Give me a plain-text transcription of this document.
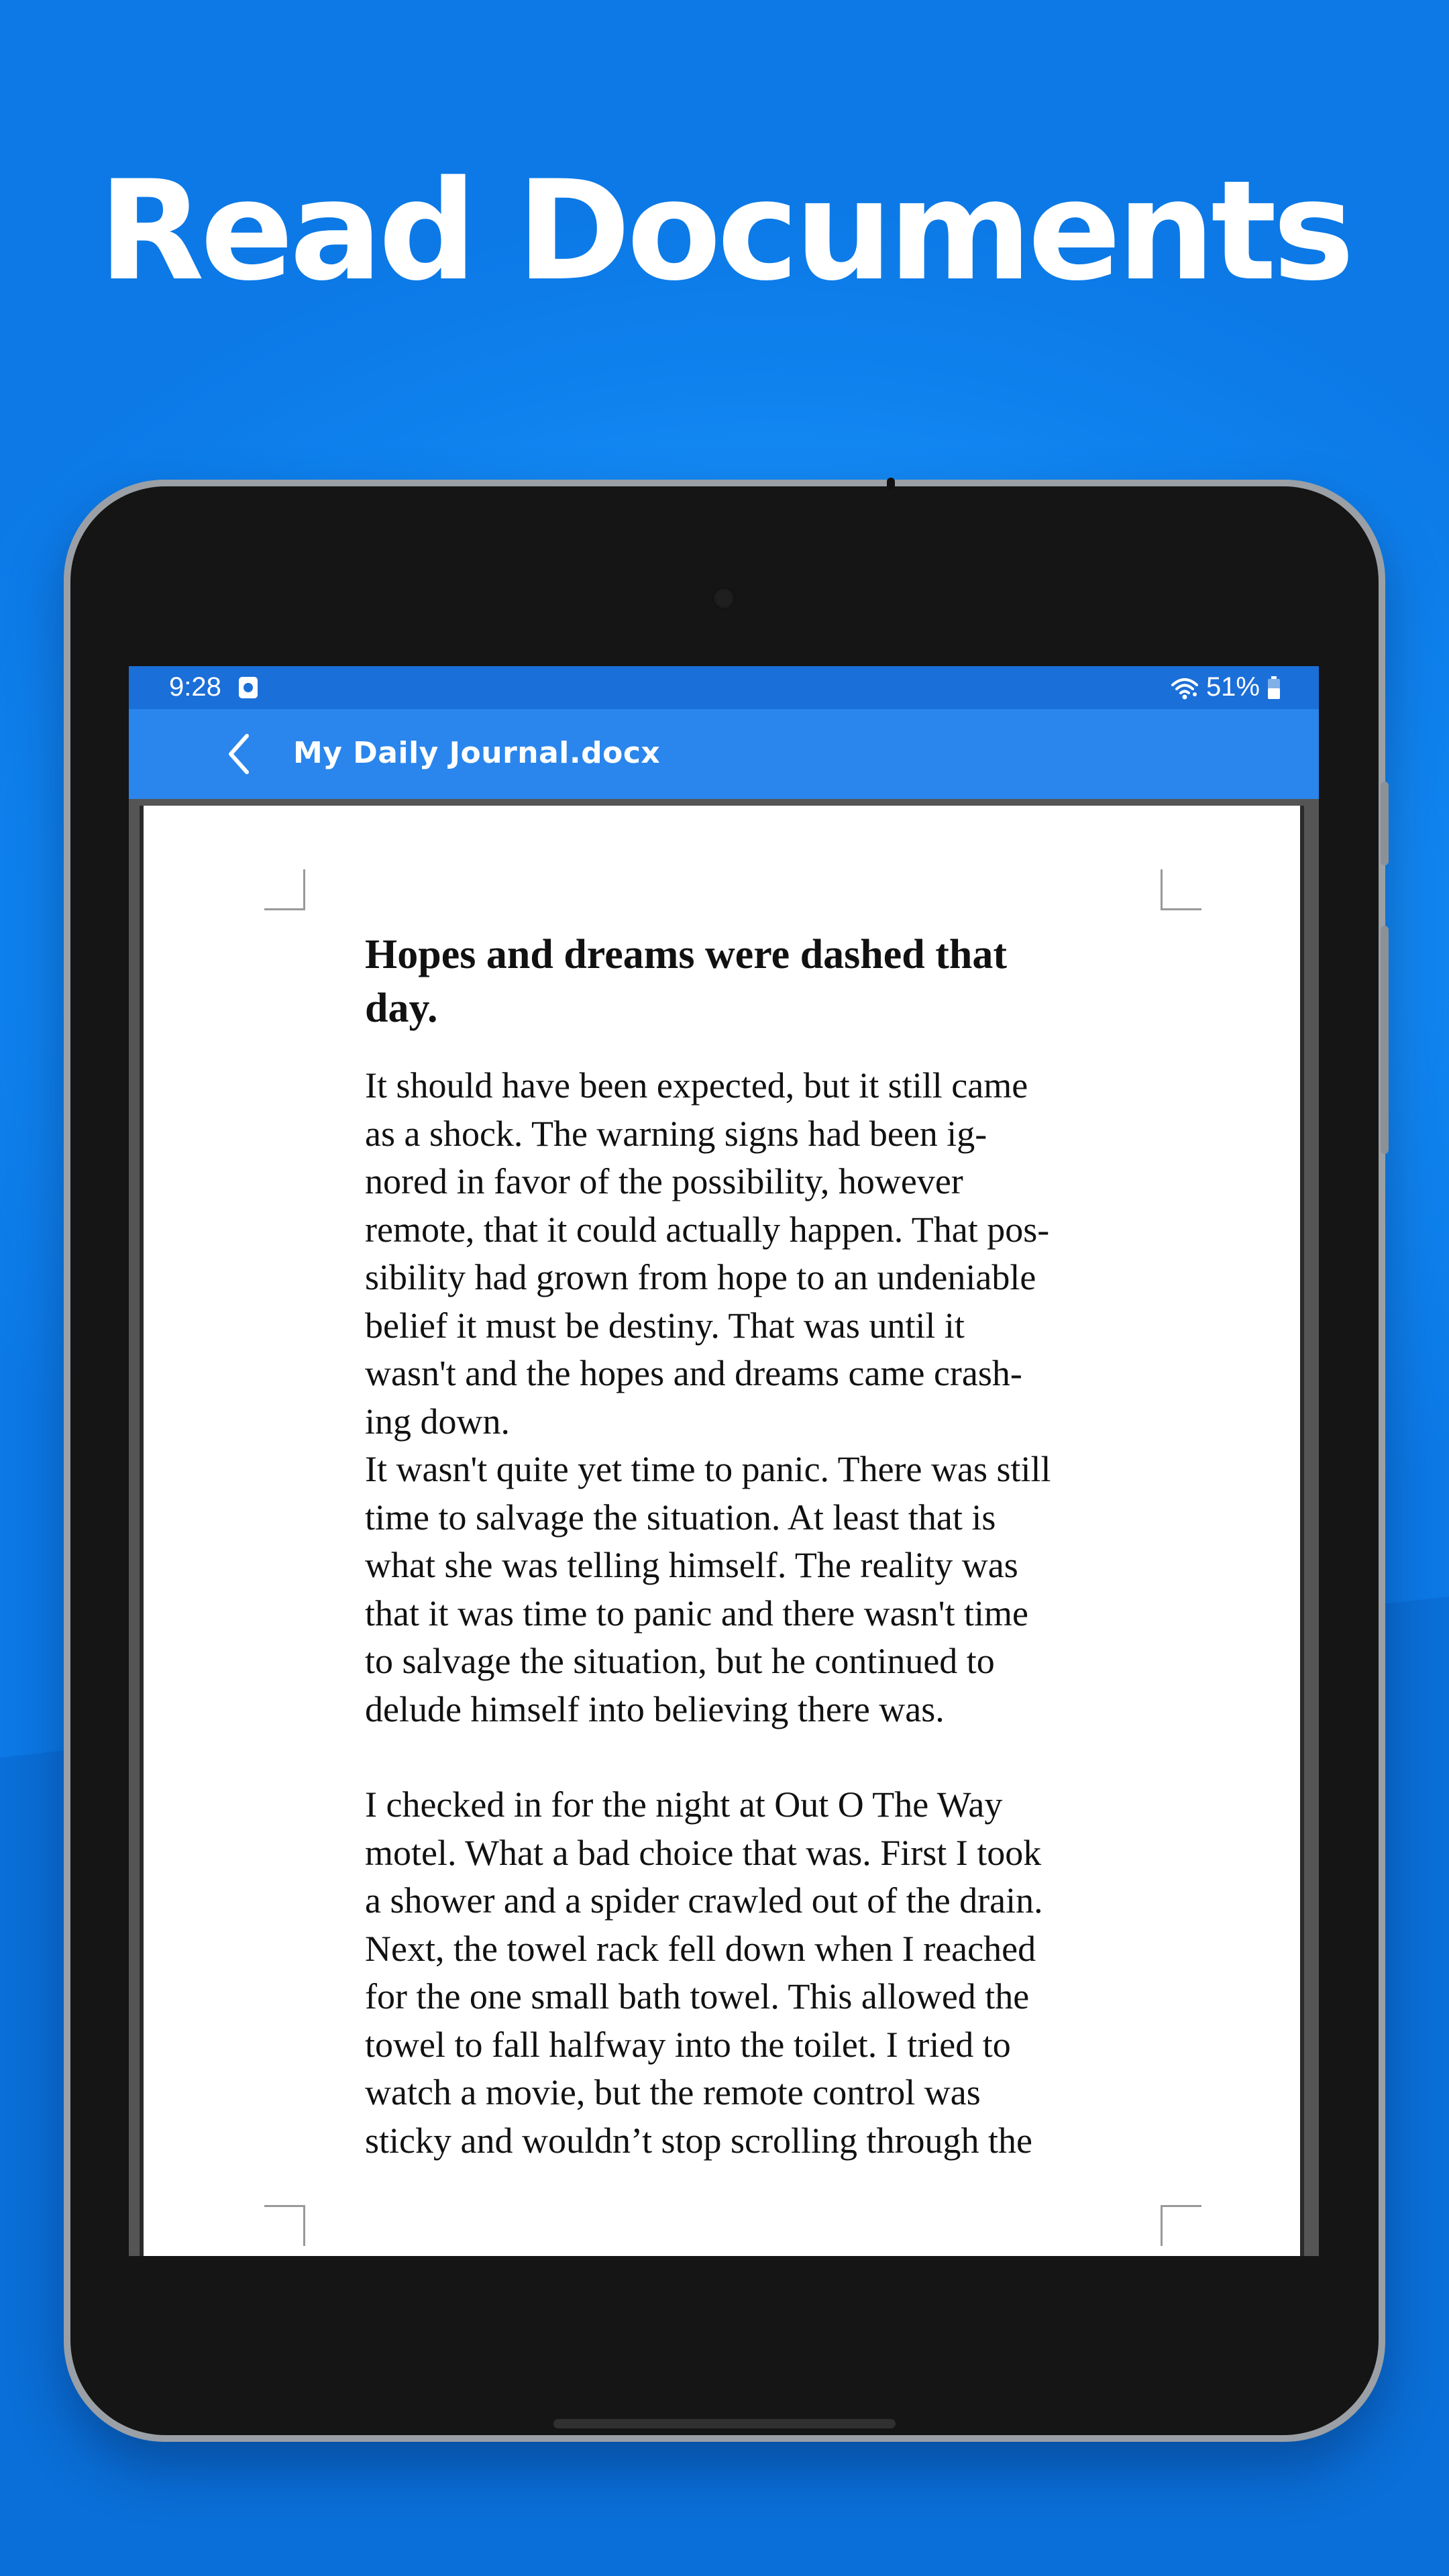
Read Documents
9:28	51%
My Daily Journal.docx
Hopes and dreams were dashed that day.

It should have been expected, but it still came
as a shock. The warning signs had been ig-
nored in favor of the possibility, however
remote, that it could actually happen. That pos-
sibility had grown from hope to an undeniable
belief it must be destiny. That was until it
wasn't and the hopes and dreams came crash-
ing down.

It wasn't quite yet time to panic. There was still
time to salvage the situation. At least that is
what she was telling himself. The reality was
that it was time to panic and there wasn't time
to salvage the situation, but he continued to
delude himself into believing there was.

I checked in for the night at Out O The Way
motel. What a bad choice that was. First I took
a shower and a spider crawled out of the drain.
Next, the towel rack fell down when I reached
for the one small bath towel. This allowed the
towel to fall halfway into the toilet. I tried to
watch a movie, but the remote control was
sticky and wouldn’t stop scrolling through the
